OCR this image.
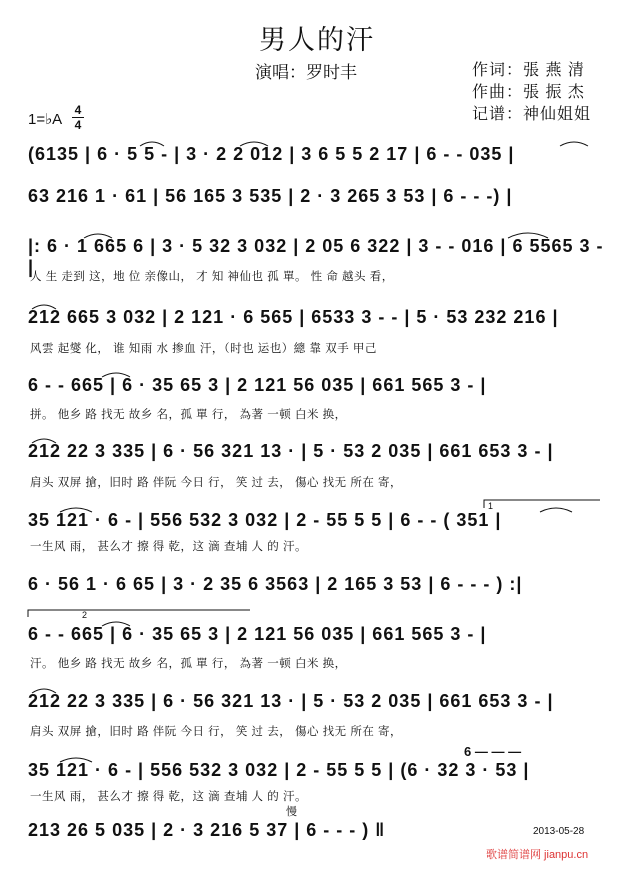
男人的汗
演唱：罗时丰	作词：張 燕 清
作曲：張 振 杰
记谱：神仙姐姐
1=♭A
4
4
(6135 | 6 · 5 5 - | 3 · 2 2 012 | 3 6 5 5 2 17 | 6 - - 035 |
63 216 1 · 61 | 56 165 3 535 | 2 · 3 265 3 53 | 6 - - -) |
|: 6 · 1 665 6 | 3 · 5 32 3 032 | 2 05 6 322 | 3 - - 016 | 6 5565 3 - |
人 生 走到 这，地 位 亲像山， 才 知 神仙也 孤 單。 性 命 越头 看，
212 665 3 032 | 2 121 · 6 565 | 6533 3 - - | 5 · 53 232 216 |
风雲 起燮 化， 谁 知雨 水 掺血 汗，（时也 运也）總 靠 双手 甲己
6 - - 665 | 6 · 35 65 3 | 2 121 56 035 | 661 565 3 - |
拼。 他乡 路 找无 故乡 名，孤 單 行， 為著 一顿 白米 换，
212 22 3 335 | 6 · 56 321 13 · | 5 · 53 2 035 | 661 653 3 - |
肩头 双屏 搶，旧时 路 伴阮 今日 行， 笑 过 去， 傷心 找无 所在 寄，
35 121 · 6 - | 556 532 3 032 | 2 - 55 5 5 | 6 - - ( 351 |
一生风 雨， 甚么才 擦 得 乾，这 滴 查埔 人 的 汗。
6 · 56 1 · 6 65 | 3 · 2 35 6 3563 | 2 165 3 53 | 6 - - - ) :|
6 - - 665 | 6 · 35 65 3 | 2 121 56 035 | 661 565 3 - |
汗。 他乡 路 找无 故乡 名，孤 單 行， 為著 一顿 白米 换，
212 22 3 335 | 6 · 56 321 13 · | 5 · 53 2 035 | 661 653 3 - |
肩头 双屏 搶，旧时 路 伴阮 今日 行， 笑 过 去， 傷心 找无 所在 寄，
35 121 · 6 - | 556 532 3 032 | 2 - 55 5 5 | (6 · 32 3 · 53 |
一生风 雨， 甚么才 擦 得 乾，这 滴 查埔 人 的 汗。
213 26 5 035 | 2 · 3 216 5 37 | 6 - - - ) ‖
1
2
6 — — —
慢
2013-05-28
歌谱简谱网 jianpu.cn
